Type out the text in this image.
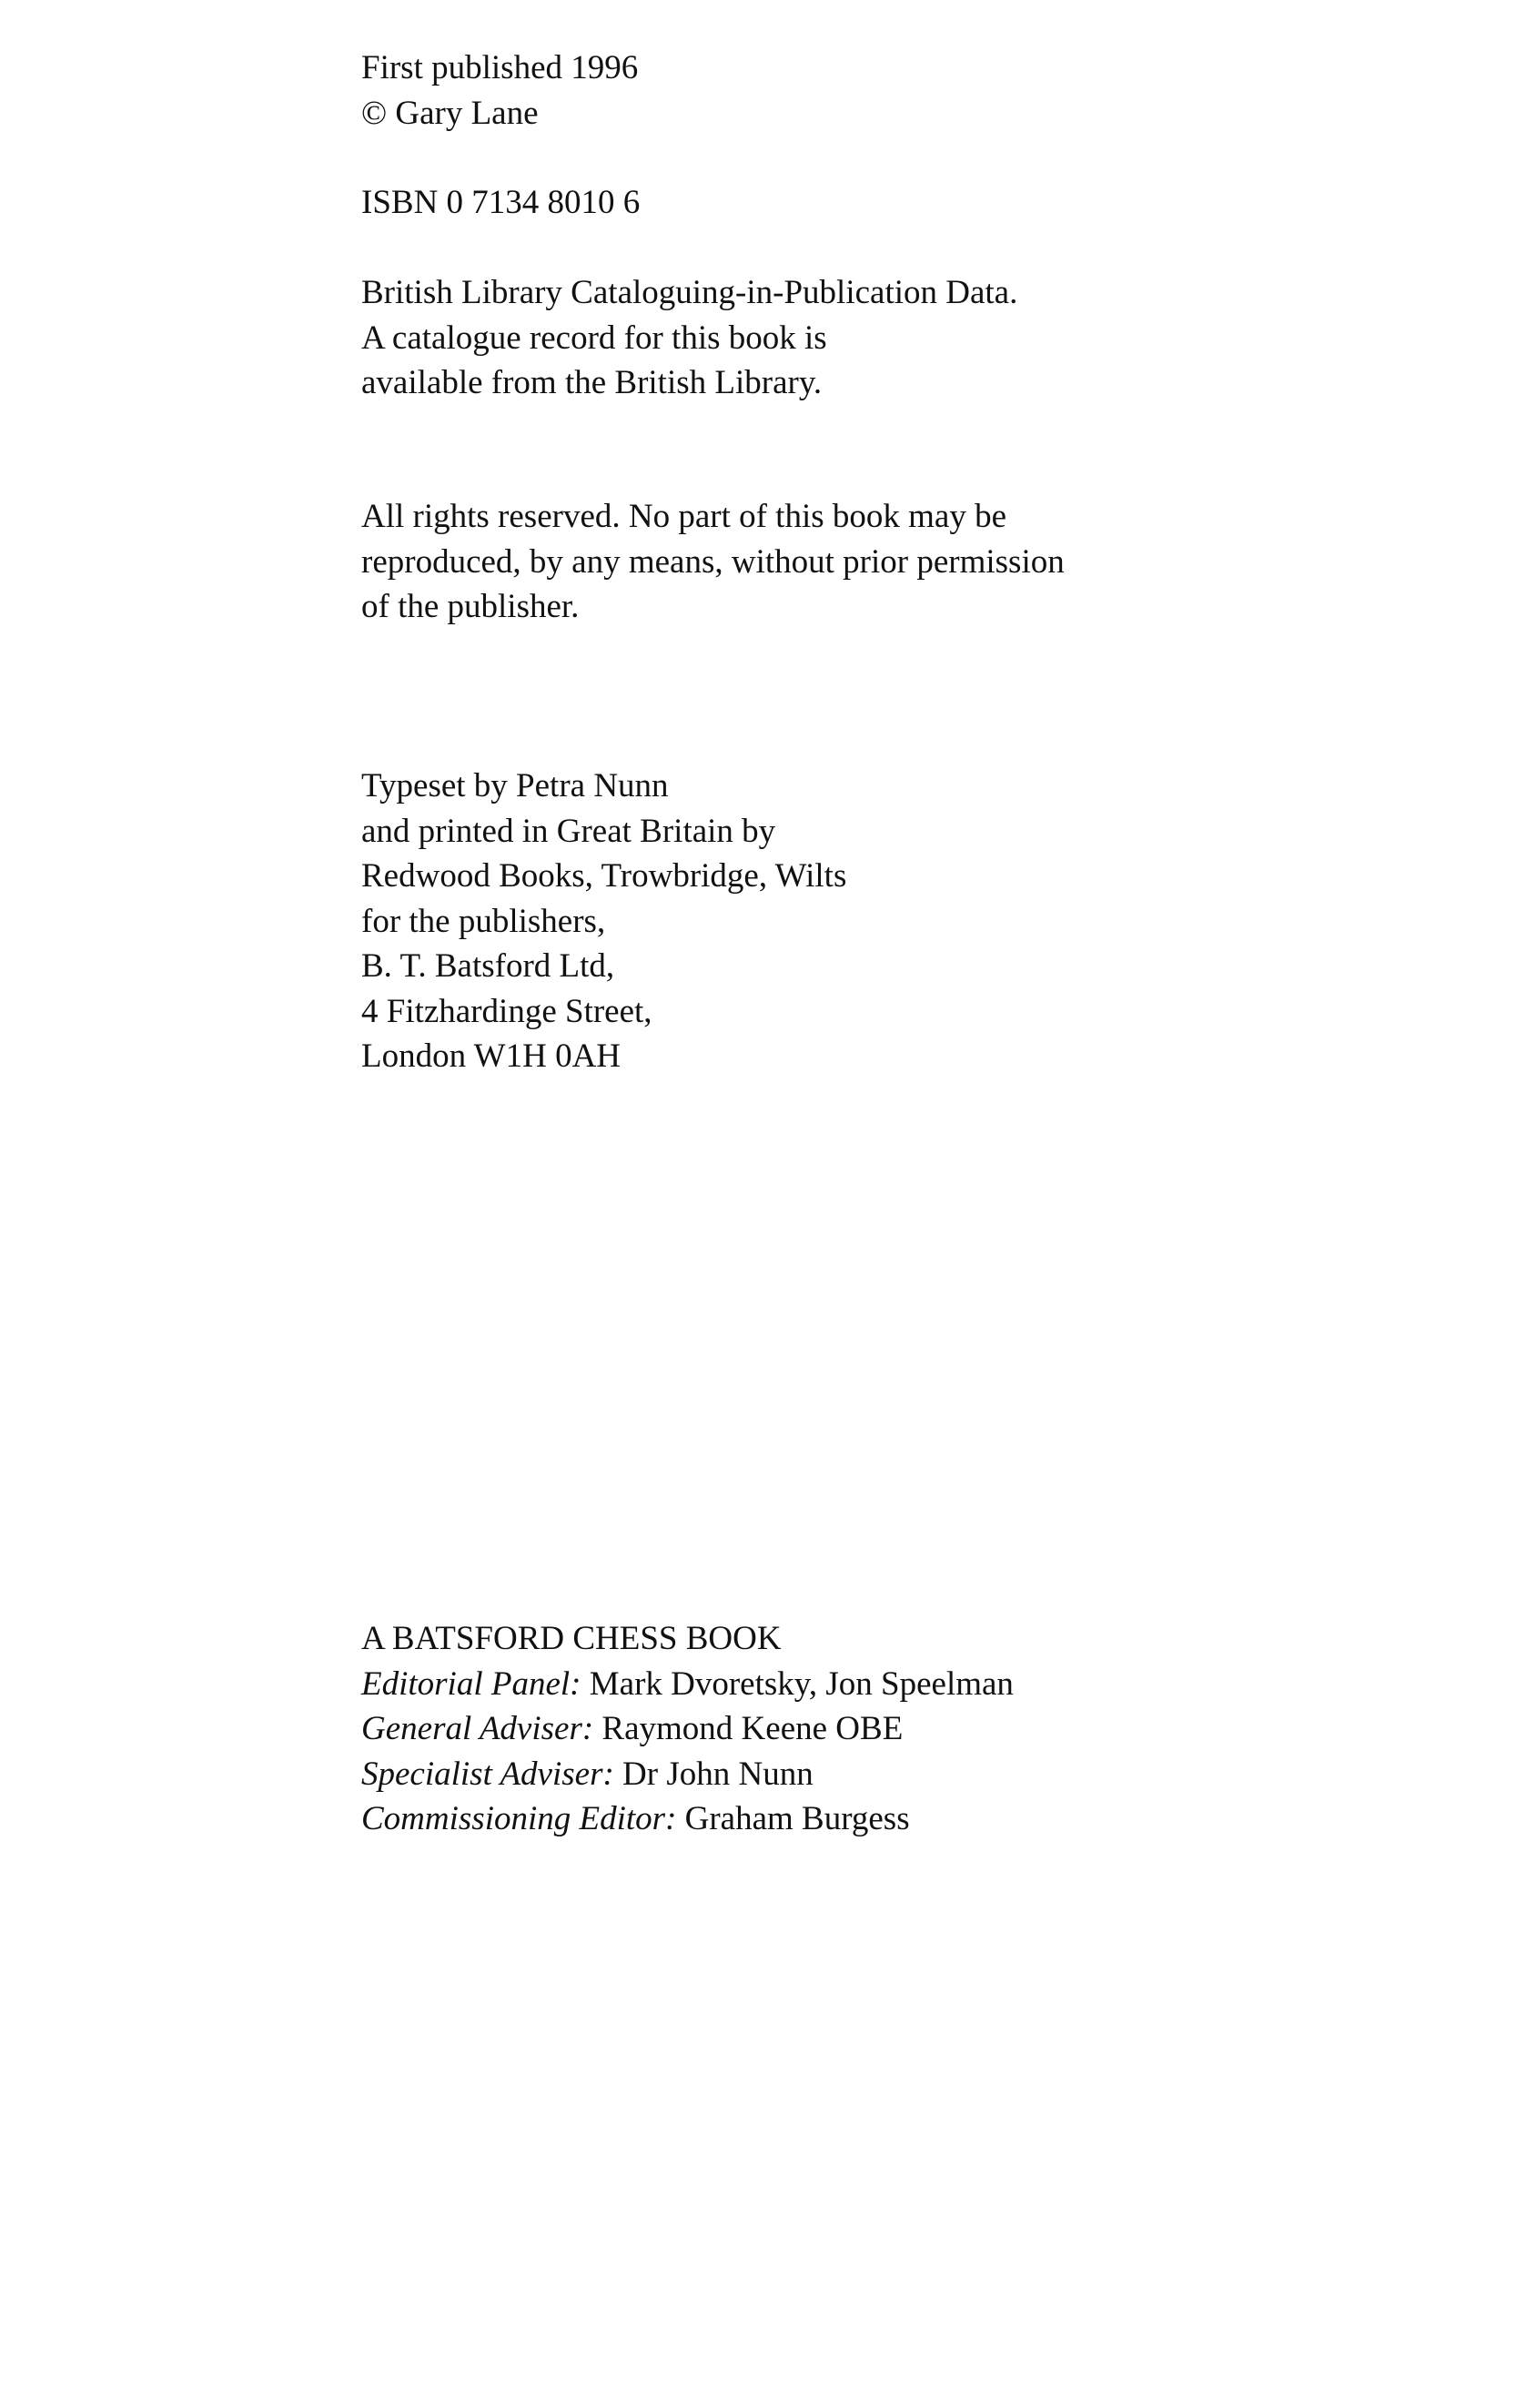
First published 1996
© Gary Lane
ISBN 0 7134 8010 6
British Library Cataloguing-in-Publication Data.
A catalogue record for this book is
available from the British Library.
All rights reserved. No part of this book may be
reproduced, by any means, without prior permission
of the publisher.
Typeset by Petra Nunn
and printed in Great Britain by
Redwood Books, Trowbridge, Wilts
for the publishers,
B. T. Batsford Ltd,
4 Fitzhardinge Street,
London W1H 0AH
A BATSFORD CHESS BOOK
Editorial Panel: Mark Dvoretsky, Jon Speelman
General Adviser: Raymond Keene OBE
Specialist Adviser: Dr John Nunn
Commissioning Editor: Graham Burgess
